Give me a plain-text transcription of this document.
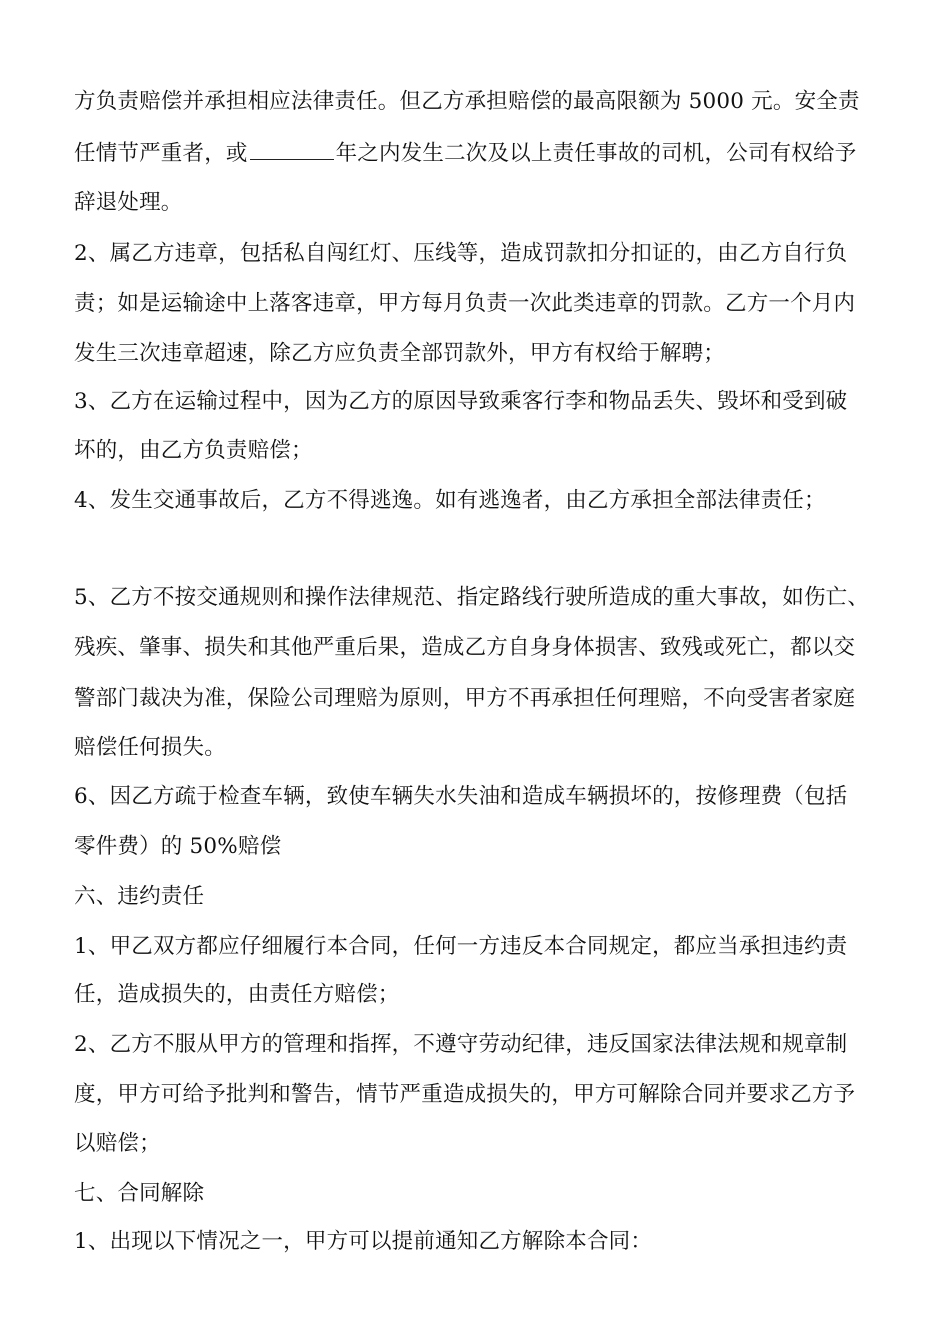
方负责赔偿并承担相应法律责任。但乙方承担赔偿的最高限额为 5000 元。安全责
任情节严重者，或	年之内发生二次及以上责任事故的司机，公司有权给予
辞退处理。
2、属乙方违章，包括私自闯红灯、压线等，造成罚款扣分扣证的，由乙方自行负
责；如是运输途中上落客违章，甲方每月负责一次此类违章的罚款。乙方一个月内
发生三次违章超速，除乙方应负责全部罚款外，甲方有权给于解聘；
3、乙方在运输过程中，因为乙方的原因导致乘客行李和物品丢失、毁坏和受到破
坏的，由乙方负责赔偿；
4、发生交通事故后，乙方不得逃逸。如有逃逸者，由乙方承担全部法律责任；
5、乙方不按交通规则和操作法律规范、指定路线行驶所造成的重大事故，如伤亡、
残疾、肇事、损失和其他严重后果，造成乙方自身身体损害、致残或死亡，都以交
警部门裁决为准，保险公司理赔为原则，甲方不再承担任何理赔，不向受害者家庭
赔偿任何损失。
6、因乙方疏于检查车辆，致使车辆失水失油和造成车辆损坏的，按修理费（包括
零件费）的 50%赔偿
六、违约责任
1、甲乙双方都应仔细履行本合同，任何一方违反本合同规定，都应当承担违约责
任，造成损失的，由责任方赔偿；
2、乙方不服从甲方的管理和指挥，不遵守劳动纪律，违反国家法律法规和规章制
度，甲方可给予批判和警告，情节严重造成损失的，甲方可解除合同并要求乙方予
以赔偿；
七、合同解除
1、出现以下情况之一，甲方可以提前通知乙方解除本合同：
